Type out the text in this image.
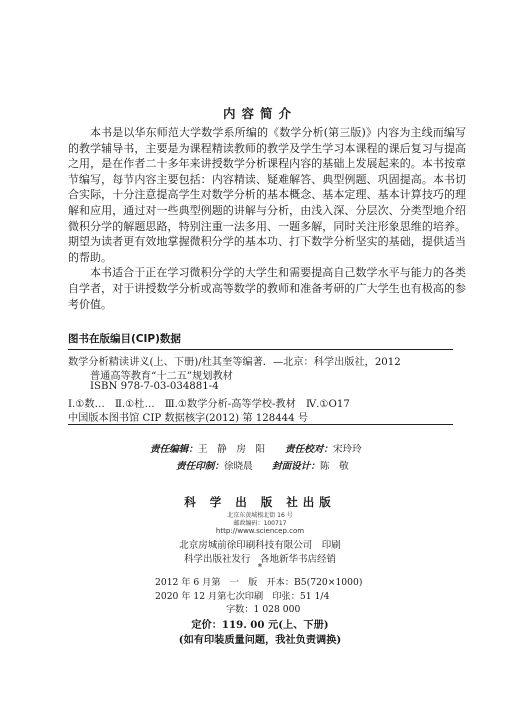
内容简介

本书是以华东师范大学数学系所编的《数学分析(第三版)》内容为主线而编写的教学辅导书，主要是为课程精读教师的教学及学生学习本课程的课后复习与提高之用，是在作者二十多年来讲授数学分析课程内容的基础上发展起来的。本书按章节编写，每节内容主要包括：内容精读、疑难解答、典型例题、巩固提高。本书切合实际，十分注意提高学生对数学分析的基本概念、基本定理、基本计算技巧的理解和应用，通过对一些典型例题的讲解与分析，由浅入深、分层次、分类型地介绍微积分学的解题思路，特别注重一法多用、一题多解，同时关注形象思维的培养。期望为读者更有效地掌握微积分学的基本功、打下数学分析坚实的基础，提供适当的帮助。

本书适合于正在学习微积分学的大学生和需要提高自己数学水平与能力的各类自学者，对于讲授数学分析或高等数学的教师和准备考研的广大学生也有极高的参考价值。

图书在版编目(CIP)数据
数学分析精读讲义(上、下册)/杜其奎等编著．—北京：科学出版社，2012
普通高等教育“十二五”规划教材
ISBN 978-7-03-034881-4
Ⅰ.①数…　Ⅱ.①杜…　Ⅲ.①数学分析-高等学校-教材　Ⅳ.①O17
中国版本图书馆 CIP 数据核字(2012) 第 128444 号
责任编辑：王　静　房　阳 责任校对：宋玲玲
责任印制：徐晓晨 封面设计：陈　敬
科 学 出 版 社出版
北京东黄城根北街 16 号
邮政编码：100717
http://www.sciencep.com
北京房城前徐印刷科技有限公司　印刷
科学出版社发行　各地新华书店经销
*
2012 年 6 月第　一　版　开本：B5(720×1000)
2020 年 12 月第七次印刷　印张：51 1/4
字数：1 028 000
定价：119. 00 元(上、下册)
(如有印装质量问题，我社负责调换)
